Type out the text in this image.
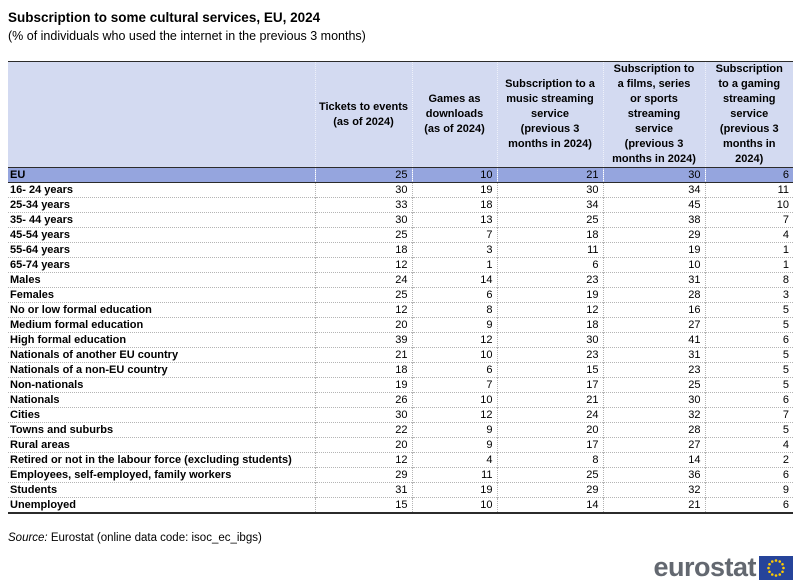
Subscription to some cultural services, EU, 2024
(% of individuals who used the internet in the previous 3 months)
	Tickets to events
(as of 2024)	Games as
downloads
(as of 2024)	Subscription to a
music streaming
service
(previous 3
months in 2024)	Subscription to
a films, series
or sports
streaming
service
(previous 3
months in 2024)	Subscription
to a gaming
streaming
service
(previous 3
months in
2024)
EU	25	10	21	30	6
16- 24 years	30	19	30	34	11
25-34 years	33	18	34	45	10
35- 44 years	30	13	25	38	7
45-54 years	25	7	18	29	4
55-64 years	18	3	11	19	1
65-74 years	12	1	6	10	1
Males	24	14	23	31	8
Females	25	6	19	28	3
No or low formal education	12	8	12	16	5
Medium formal education	20	9	18	27	5
High formal education	39	12	30	41	6
Nationals of another EU country	21	10	23	31	5
Nationals of a non-EU country	18	6	15	23	5
Non-nationals	19	7	17	25	5
Nationals	26	10	21	30	6
Cities	30	12	24	32	7
Towns and suburbs	22	9	20	28	5
Rural areas	20	9	17	27	4
Retired or not in the labour force (excluding students)	12	4	8	14	2
Employees, self-employed, family workers	29	11	25	36	6
Students	31	19	29	32	9
Unemployed	15	10	14	21	6
Source: Eurostat (online data code: isoc_ec_ibgs)
eurostat
